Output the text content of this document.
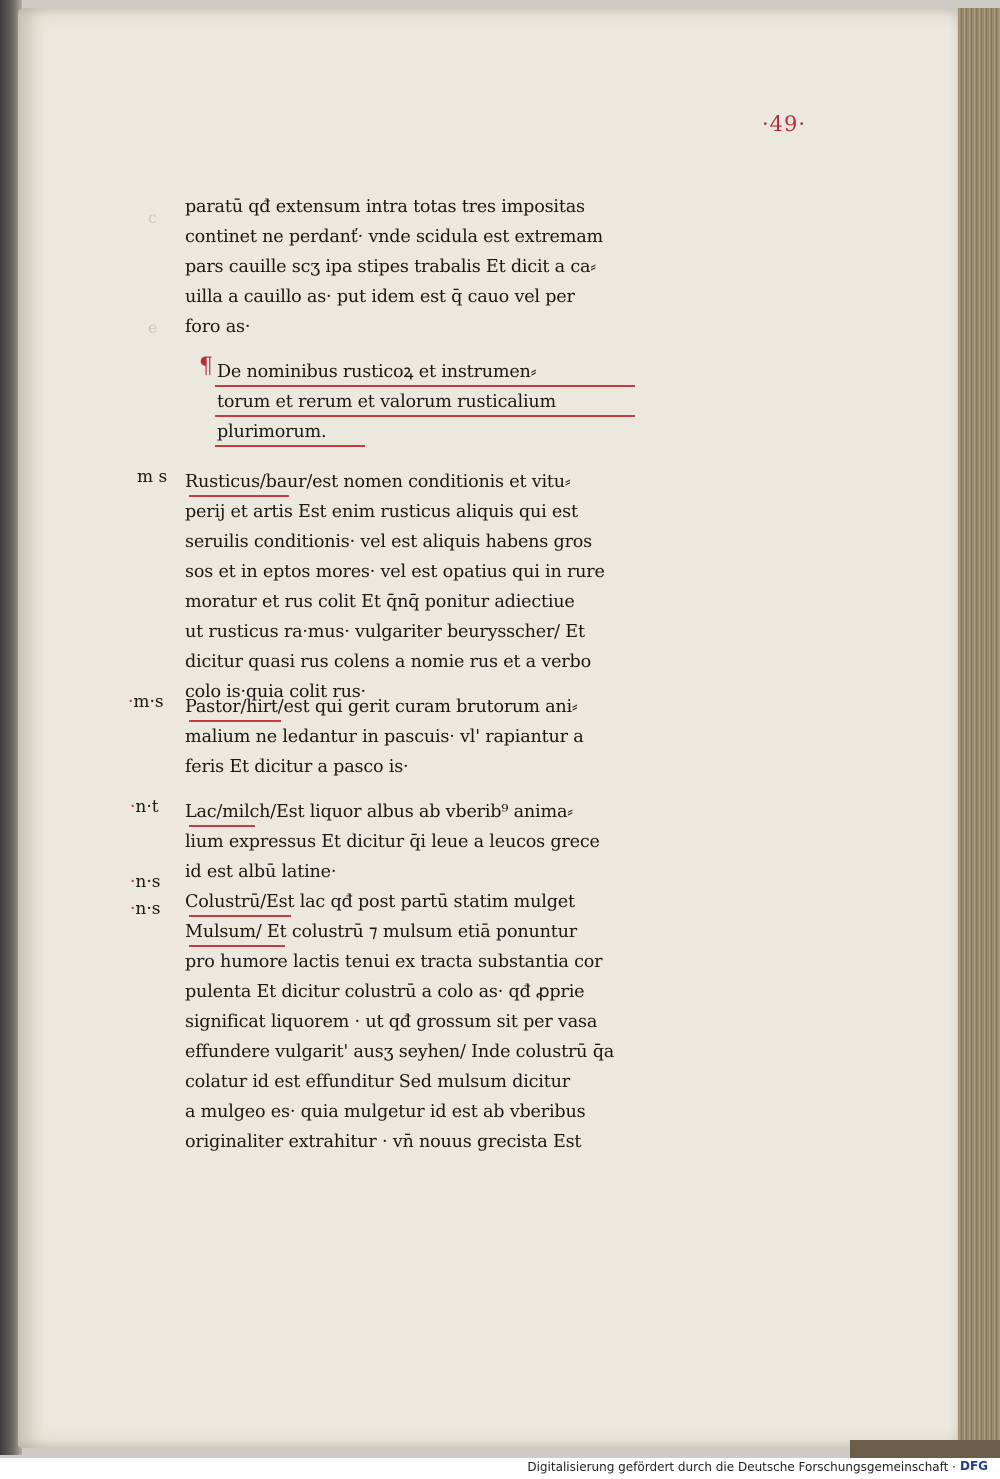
c
e
·49·
paratū qđ extensum intra totas tres impositas
continet ne perdanť· vnde scidula est extremam
pars cauille scʒ ipa stipes trabalis Et dicit a ca⸗
uilla a cauillo as· put idem est q̄ cauo vel per
foro as·
¶ De nominibus rusticoꝝ et instrumen⸗
torum et rerum et valorum rusticalium
plurimorum.
Rusticus/baur/est nomen conditionis et vitu⸗
perij et artis Est enim rusticus aliquis qui est
seruilis conditionis· vel est aliquis habens gros
sos et in eptos mores· vel est opatius qui in rure
moratur et rus colit Et q̄nq̄ ponitur adiectiue
ut rusticus ra·mus· vulgariter beurysscher/ Et
dicitur quasi rus colens a nomie rus et a verbo
colo is·quia colit rus·
Pastor/hirt/est qui gerit curam brutorum ani⸗
malium ne ledantur in pascuis· vl' rapiantur a
feris Et dicitur a pasco is·
Lac/milch/Est liquor albus ab vberib⁹ anima⸗
lium expressus Et dicitur q̄i leue a leucos grece
id est albū latine·
Colustrū/Est lac qđ post partū statim mulget
Mulsum/ Et colustrū ⁊ mulsum etiā ponuntur
pro humore lactis tenui ex tracta substantia cor
pulenta Et dicitur colustrū a colo as· qđ ꝓprie
significat liquorem · ut qđ grossum sit per vasa
effundere vulgarit' ausʒ seyhen/ Inde colustrū q̄a
colatur id est effunditur Sed mulsum dicitur
a mulgeo es· quia mulgetur id est ab vberibus
originaliter extrahitur · vn̄ nouus grecista Est
m s
·m·s
·n·t
·n·s
·n·s
Digitalisierung gefördert durch die Deutsche Forschungsgemeinschaft · DFG
